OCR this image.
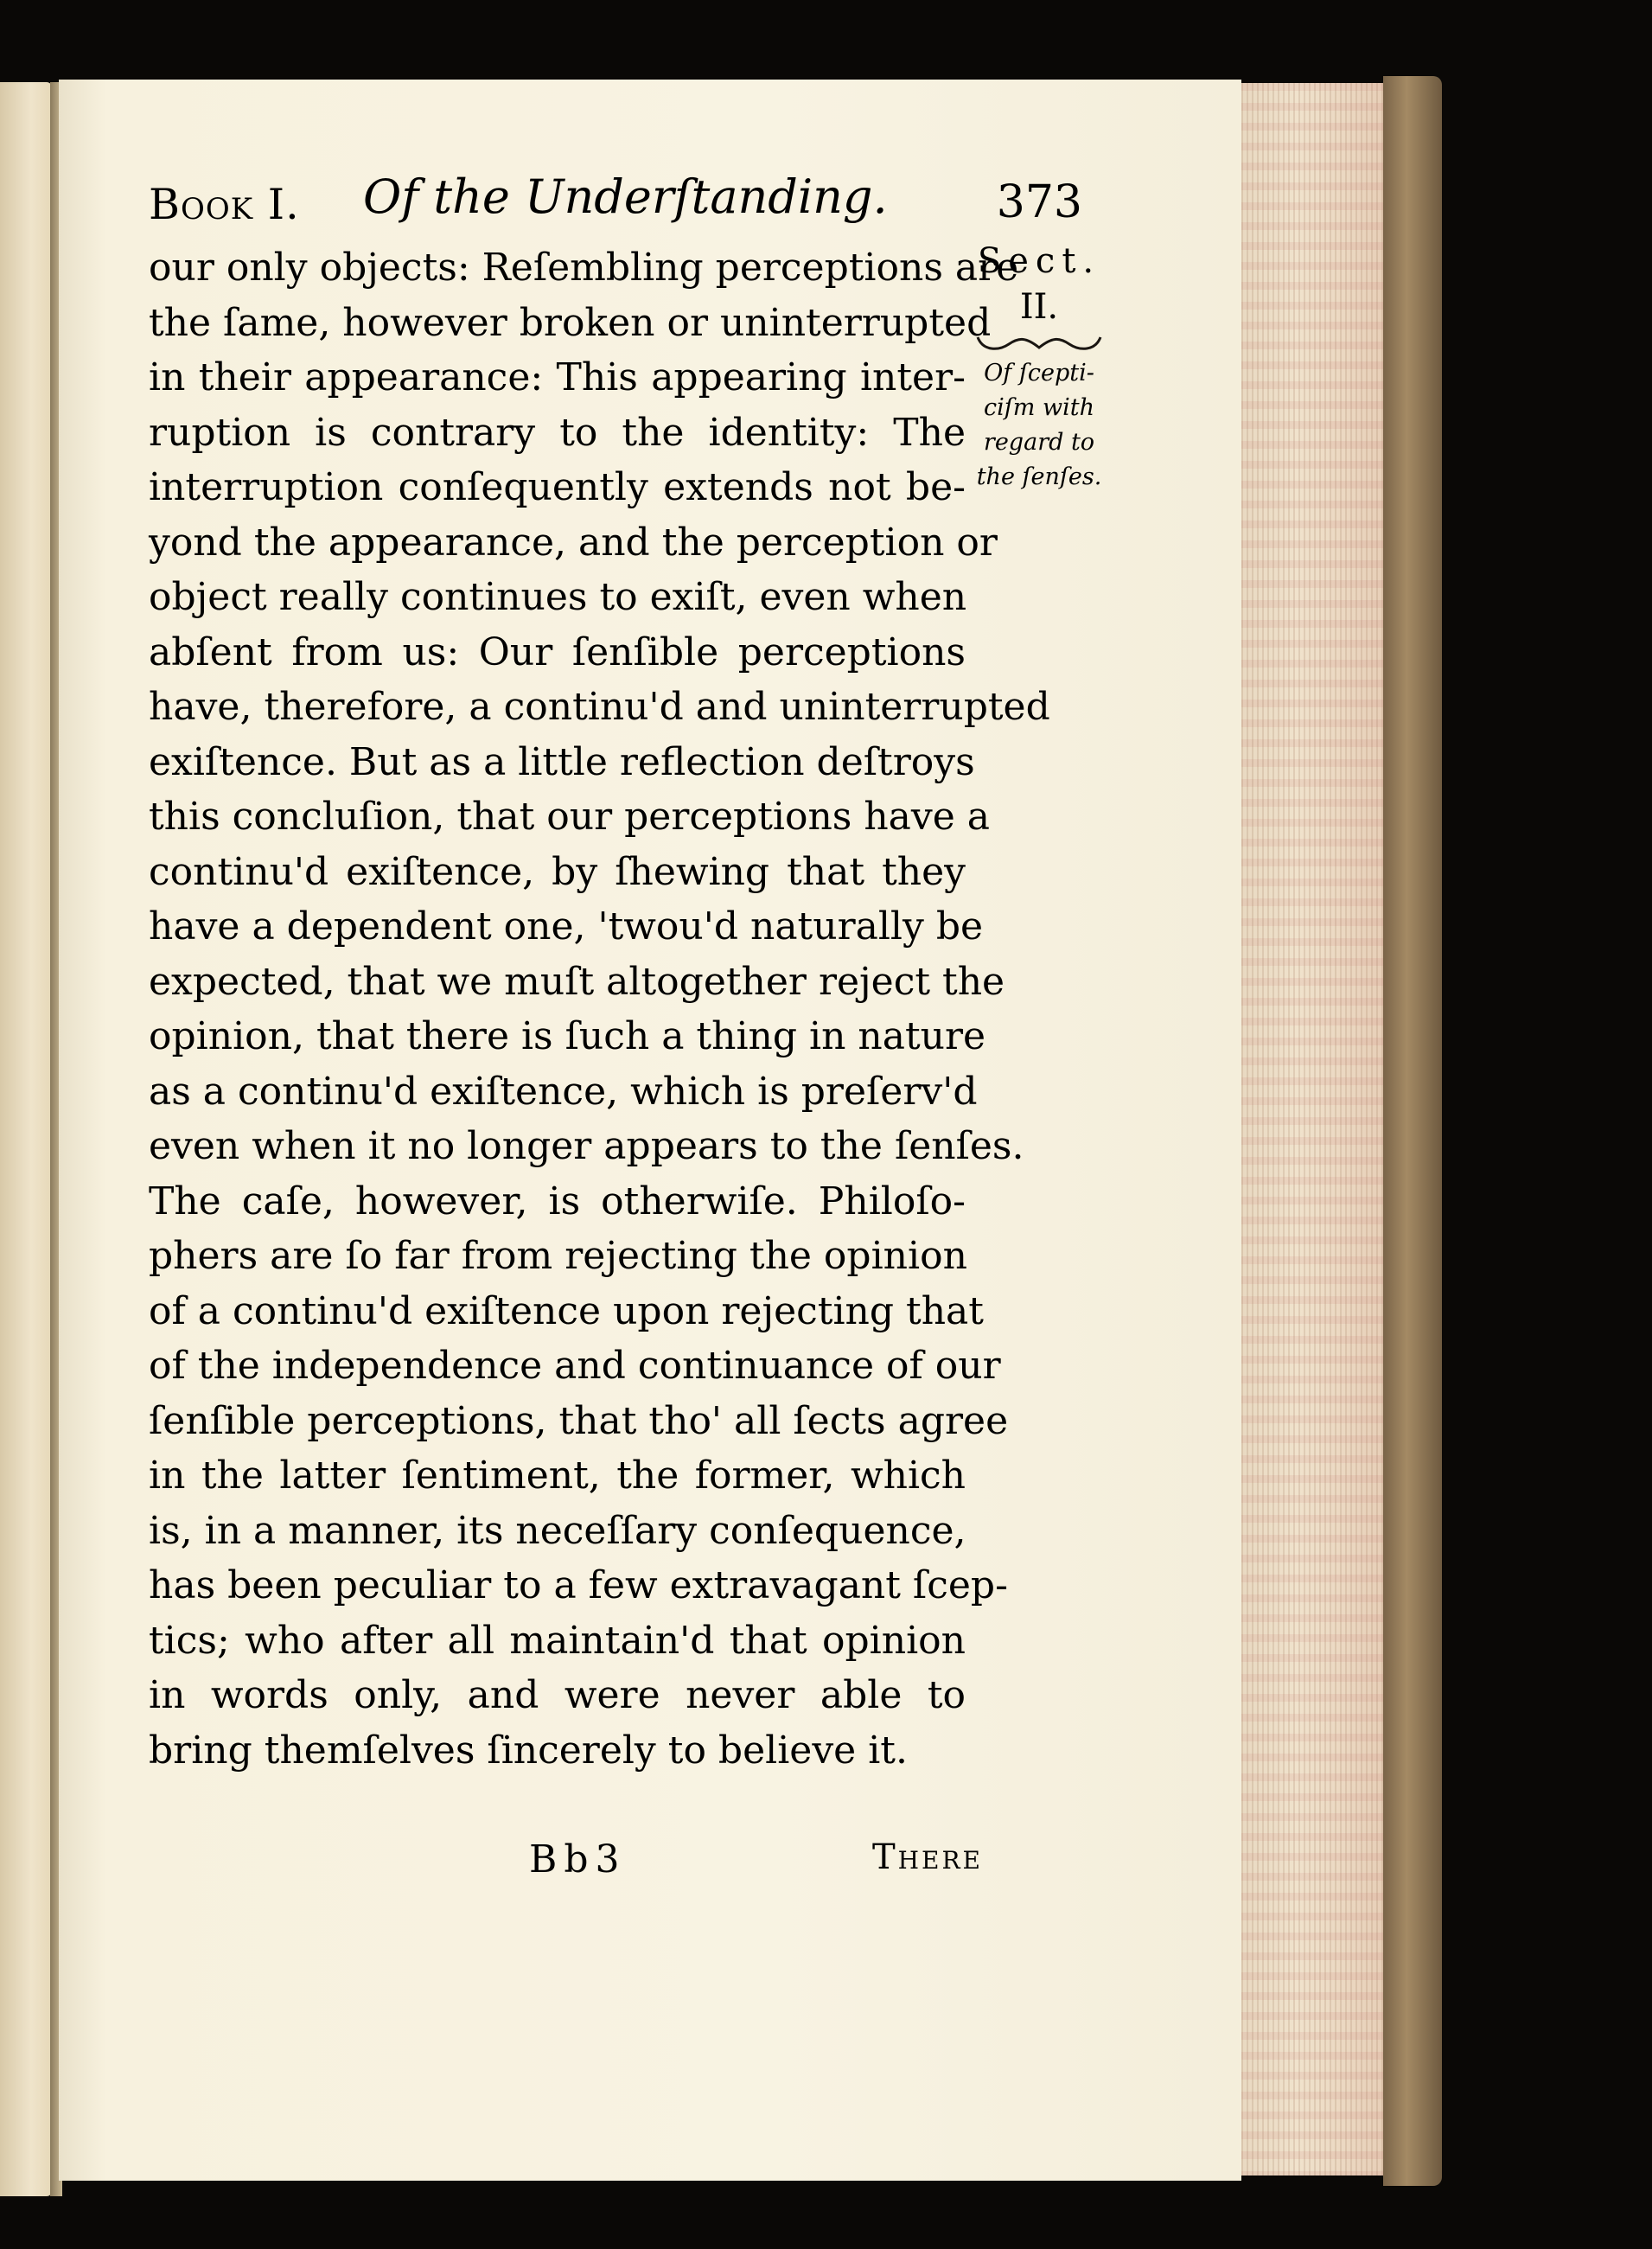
Book I. Of the Underſtanding. 373
our only objects: Reſembling perceptions are
the ſame, however broken or uninterrupted
in their appearance: This appearing inter-
ruption is contrary to the identity: The
interruption conſequently extends not be-
yond the appearance, and the perception or
object really continues to exiſt, even when
abſent from us: Our ſenſible perceptions
have, therefore, a continu'd and uninterrupted
exiſtence. But as a little reflection deſtroys
this concluſion, that our perceptions have a
continu'd exiſtence, by ſhewing that they
have a dependent one, 'twou'd naturally be
expected, that we muſt altogether reject the
opinion, that there is ſuch a thing in nature
as a continu'd exiſtence, which is preſerv'd
even when it no longer appears to the ſenſes.
The caſe, however, is otherwiſe. Philoſo-
phers are ſo far from rejecting the opinion
of a continu'd exiſtence upon rejecting that
of the independence and continuance of our
ſenſible perceptions, that tho' all ſects agree
in the latter ſentiment, the former, which
is, in a manner, its neceſſary conſequence,
has been peculiar to a few extravagant ſcep-
tics; who after all maintain'd that opinion
in words only, and were never able to
bring themſelves ſincerely to believe it.
Sect.
II.
Of ſcepti-
ciſm with
regard to
the ſenſes.
Bb3	There
